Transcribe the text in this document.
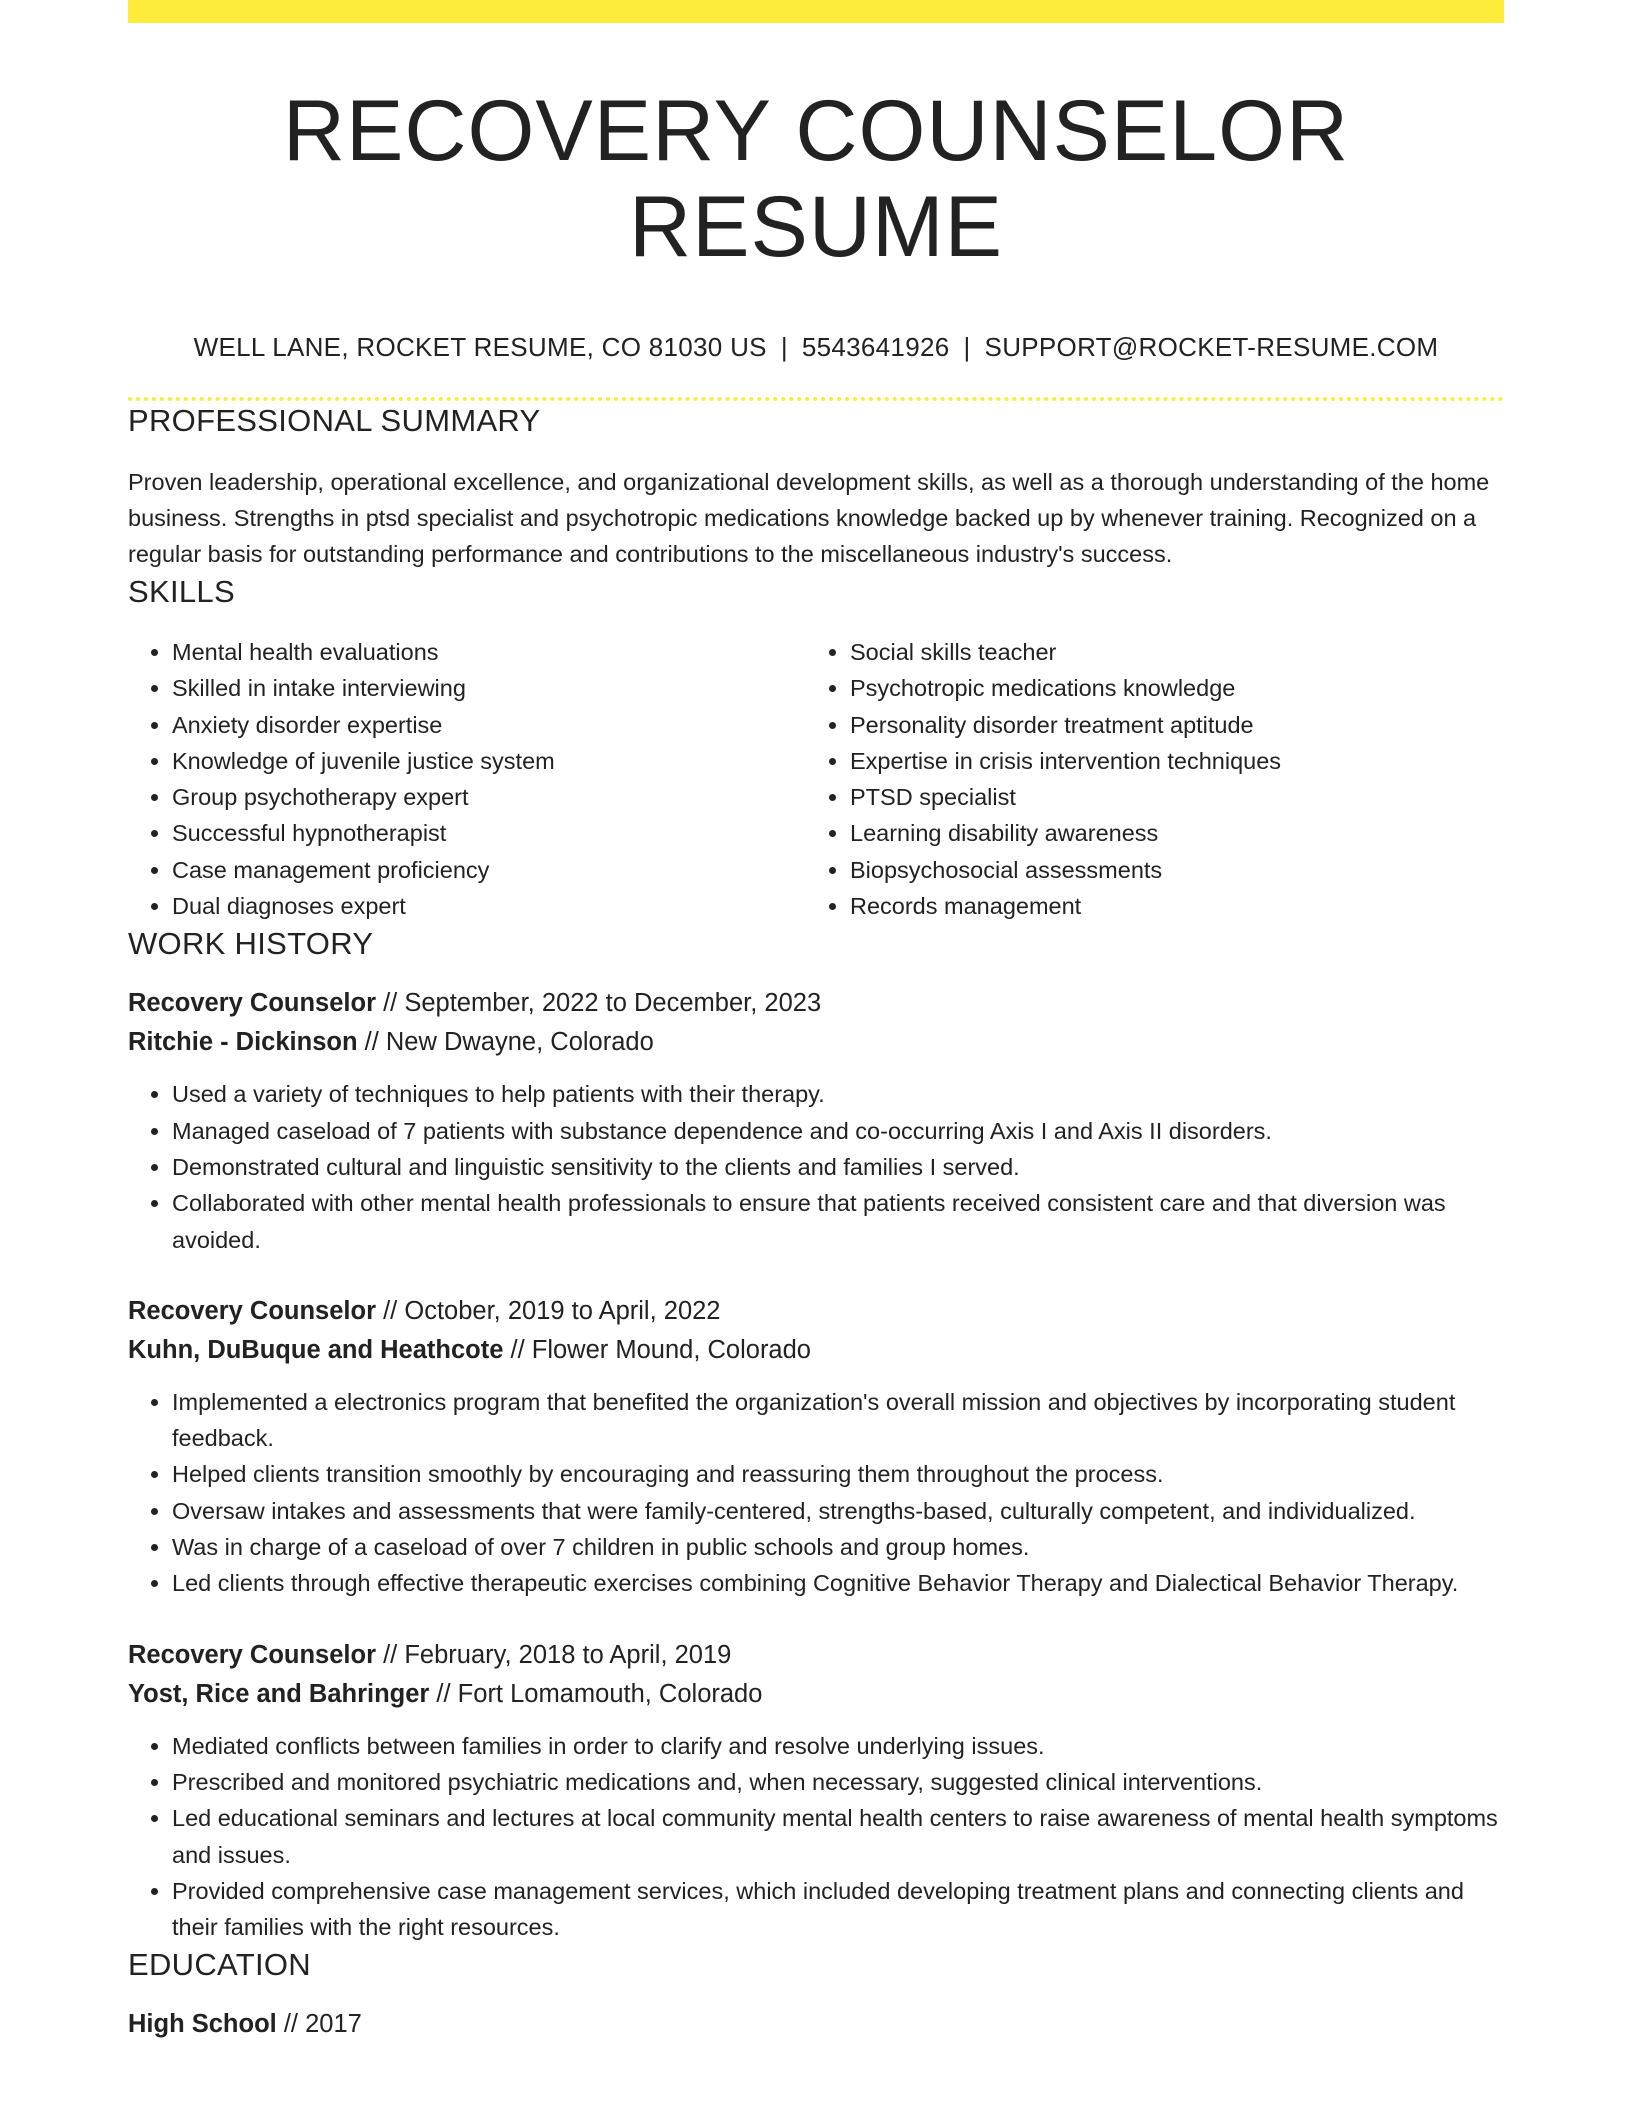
RECOVERY COUNSELOR RESUME
WELL LANE, ROCKET RESUME, CO 81030 US | 5543641926 | SUPPORT@ROCKET-RESUME.COM
PROFESSIONAL SUMMARY
Proven leadership, operational excellence, and organizational development skills, as well as a thorough understanding of the home business. Strengths in ptsd specialist and psychotropic medications knowledge backed up by whenever training. Recognized on a regular basis for outstanding performance and contributions to the miscellaneous industry's success.
SKILLS
• Mental health evaluations
• Skilled in intake interviewing
• Anxiety disorder expertise
• Knowledge of juvenile justice system
• Group psychotherapy expert
• Successful hypnotherapist
• Case management proficiency
• Dual diagnoses expert
• Social skills teacher
• Psychotropic medications knowledge
• Personality disorder treatment aptitude
• Expertise in crisis intervention techniques
• PTSD specialist
• Learning disability awareness
• Biopsychosocial assessments
• Records management
WORK HISTORY
Recovery Counselor // September, 2022 to December, 2023
Ritchie - Dickinson // New Dwayne, Colorado
• Used a variety of techniques to help patients with their therapy.
• Managed caseload of 7 patients with substance dependence and co-occurring Axis I and Axis II disorders.
• Demonstrated cultural and linguistic sensitivity to the clients and families I served.
• Collaborated with other mental health professionals to ensure that patients received consistent care and that diversion was avoided.
Recovery Counselor // October, 2019 to April, 2022
Kuhn, DuBuque and Heathcote // Flower Mound, Colorado
• Implemented a electronics program that benefited the organization's overall mission and objectives by incorporating student feedback.
• Helped clients transition smoothly by encouraging and reassuring them throughout the process.
• Oversaw intakes and assessments that were family-centered, strengths-based, culturally competent, and individualized.
• Was in charge of a caseload of over 7 children in public schools and group homes.
• Led clients through effective therapeutic exercises combining Cognitive Behavior Therapy and Dialectical Behavior Therapy.
Recovery Counselor // February, 2018 to April, 2019
Yost, Rice and Bahringer // Fort Lomamouth, Colorado
• Mediated conflicts between families in order to clarify and resolve underlying issues.
• Prescribed and monitored psychiatric medications and, when necessary, suggested clinical interventions.
• Led educational seminars and lectures at local community mental health centers to raise awareness of mental health symptoms and issues.
• Provided comprehensive case management services, which included developing treatment plans and connecting clients and their families with the right resources.
EDUCATION
High School // 2017
